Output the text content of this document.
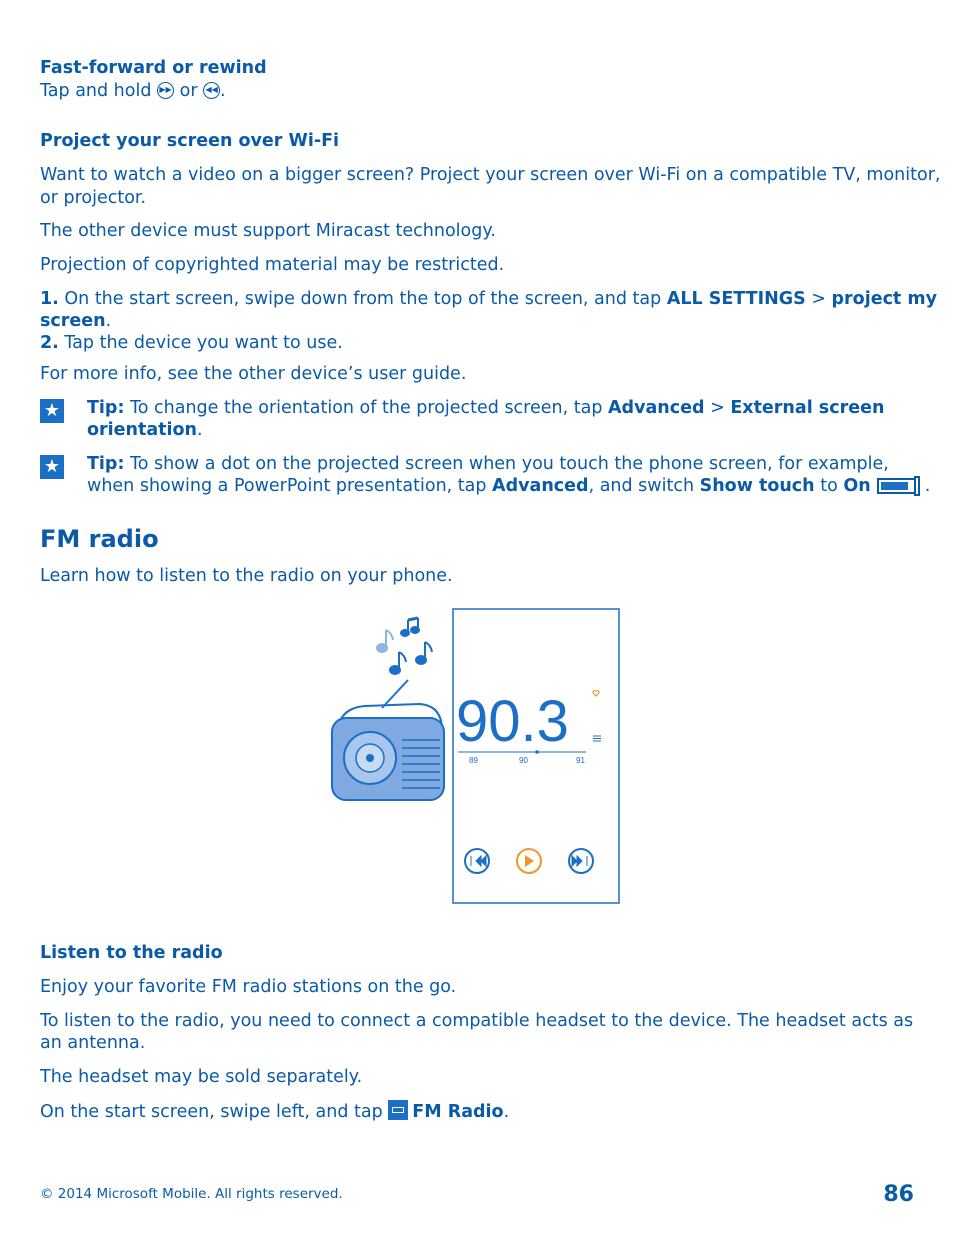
Fast-forward or rewind
Tap and hold ▶▶ or ◀◀ .
Project your screen over Wi-Fi
Want to watch a video on a bigger screen? Project your screen over Wi-Fi on a compatible TV, monitor,
or projector.
The other device must support Miracast technology.
Projection of copyrighted material may be restricted.
1. On the start screen, swipe down from the top of the screen, and tap ALL SETTINGS > project my
screen.
2. Tap the device you want to use.
For more info, see the other device’s user guide.
★ Tip: To change the orientation of the projected screen, tap Advanced > External screen
orientation.
★ Tip: To show a dot on the projected screen when you touch the phone screen, for example,
when showing a PowerPoint presentation, tap Advanced, and switch Show touch to On	.
FM radio
Learn how to listen to the radio on your phone.
90.3
89	90	91
Listen to the radio
Enjoy your favorite FM radio stations on the go.
To listen to the radio, you need to connect a compatible headset to the device. The headset acts as
an antenna.
The headset may be sold separately.
On the start screen, swipe left, and tap FM Radio.
© 2014 Microsoft Mobile. All rights reserved.	86
